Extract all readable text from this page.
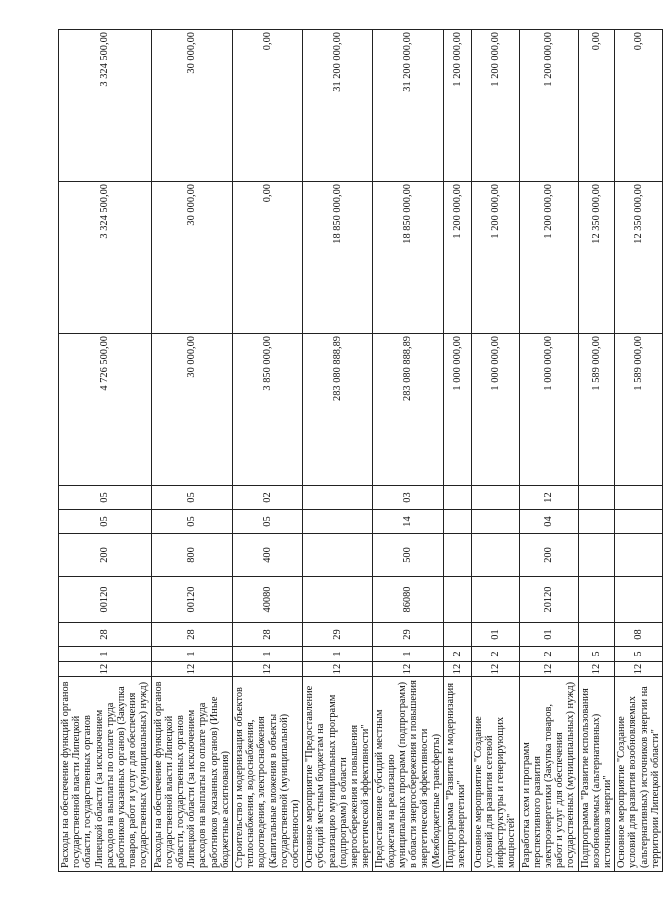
Расходы на обеспечение функций органов государственной власти Липецкой области, государственных органов Липецкой области (за исключением расходов на выплаты по оплате труда работников указанных органов) (Закупка товаров, работ и услуг для обеспечения государственных (муниципальных) нужд)	12	1	28	00120	200	05	05	4 726 500,00	3 324 500,00	3 324 500,00
Расходы на обеспечение функций органов государственной власти Липецкой области, государственных органов Липецкой области (за исключением расходов на выплаты по оплате труда работников указанных органов) (Иные бюджетные ассигнования)	12	1	28	00120	800	05	05	30 000,00	30 000,00	30 000,00
Строительство и модернизация объектов теплоснабжения, водоснабжения, водоотведения, электроснабжения (Капитальные вложения в объекты государственной (муниципальной) собственности)	12	1	28	40080	400	05	02	3 850 000,00	0,00	0,00
Основное мероприятие "Предоставление субсидий местным бюджетам на реализацию муниципальных программ (подпрограмм) в области энергосбережения и повышения энергетической эффективности"	12	1	29					283 080 888,89	18 850 000,00	31 200 000,00
Предоставление субсидий местным бюджетам на реализацию муниципальных программ (подпрограмм) в области энергосбережения и повышения энергетической эффективности (Межбюджетные трансферты)	12	1	29	86080	500	14	03	283 080 888,89	18 850 000,00	31 200 000,00
Подпрограмма "Развитие и модернизация электроэнергетики"	12	2						1 000 000,00	1 200 000,00	1 200 000,00
Основное мероприятие "Создание условий для развития сетевой инфраструктуры и генерирующих мощностей"	12	2	01					1 000 000,00	1 200 000,00	1 200 000,00
Разработка схем и программ перспективного развития электроэнергетики (Закупка товаров, работ и услуг для обеспечения государственных (муниципальных) нужд)	12	2	01	20120	200	04	12	1 000 000,00	1 200 000,00	1 200 000,00
Подпрограмма "Развитие использования возобновляемых (альтернативных) источников энергии"	12	5						1 589 000,00	12 350 000,00	0,00
Основное мероприятие "Создание условий для развития возобновляемых (альтернативных) источников энергии на территории Липецкой области"	12	5	08					1 589 000,00	12 350 000,00	0,00
